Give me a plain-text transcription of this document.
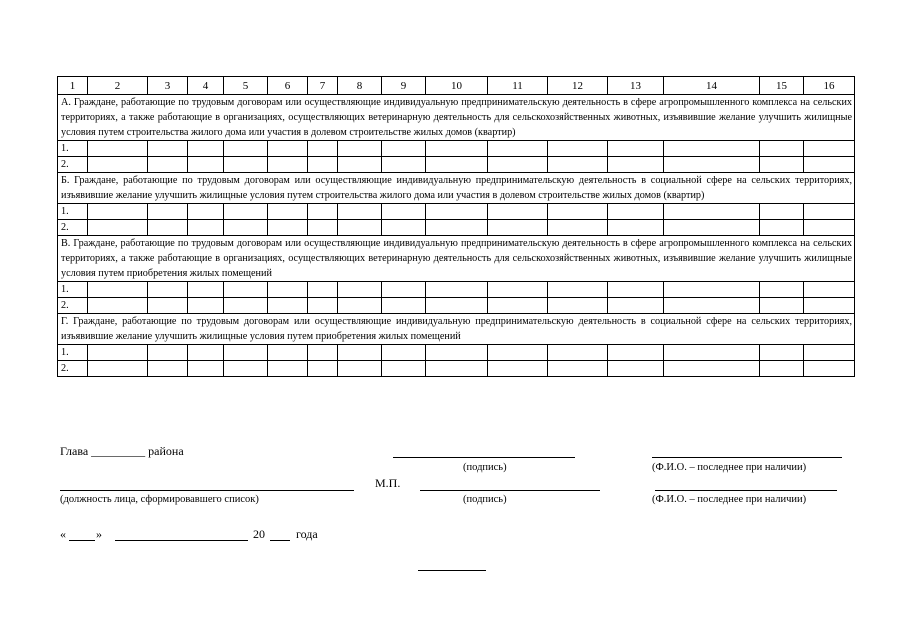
1	2	3	4	5	6	7	8	9	10	11	12	13	14	15	16
А. Граждане, работающие по трудовым договорам или осуществляющие индивидуальную предпринимательскую деятельность в сфере агропромышленного комплекса на сельских территориях, а также работающие в организациях, осуществляющих ветеринарную деятельность для сельскохозяйственных животных, изъявившие желание улучшить жилищные условия путем строительства жилого дома или участия в долевом строительстве жилых домов (квартир)															
1.															
2.															
Б. Граждане, работающие по трудовым договорам или осуществляющие индивидуальную предпринимательскую деятельность в социальной сфере на сельских территориях, изъявившие желание улучшить жилищные условия путем строительства жилого дома или участия в долевом строительстве жилых домов (квартир)															
1.															
2.															
В. Граждане, работающие по трудовым договорам или осуществляющие индивидуальную предпринимательскую деятельность в сфере агропромышленного комплекса на сельских территориях, а также работающие в организациях, осуществляющих ветеринарную деятельность для сельскохозяйственных животных, изъявившие желание улучшить жилищные условия путем приобретения жилых помещений															
1.															
2.															
Г. Граждане, работающие по трудовым договорам или осуществляющие индивидуальную предпринимательскую деятельность в социальной сфере на сельских территориях, изъявившие желание улучшить жилищные условия путем приобретения жилых помещений															
1.															
2.															
Глава _________ района
(подпись)	(Ф.И.О. – последнее при наличии)
М.П.
(должность лица, сформировавшего список)	(подпись)	(Ф.И.О. – последнее при наличии)
«	»	20	года
